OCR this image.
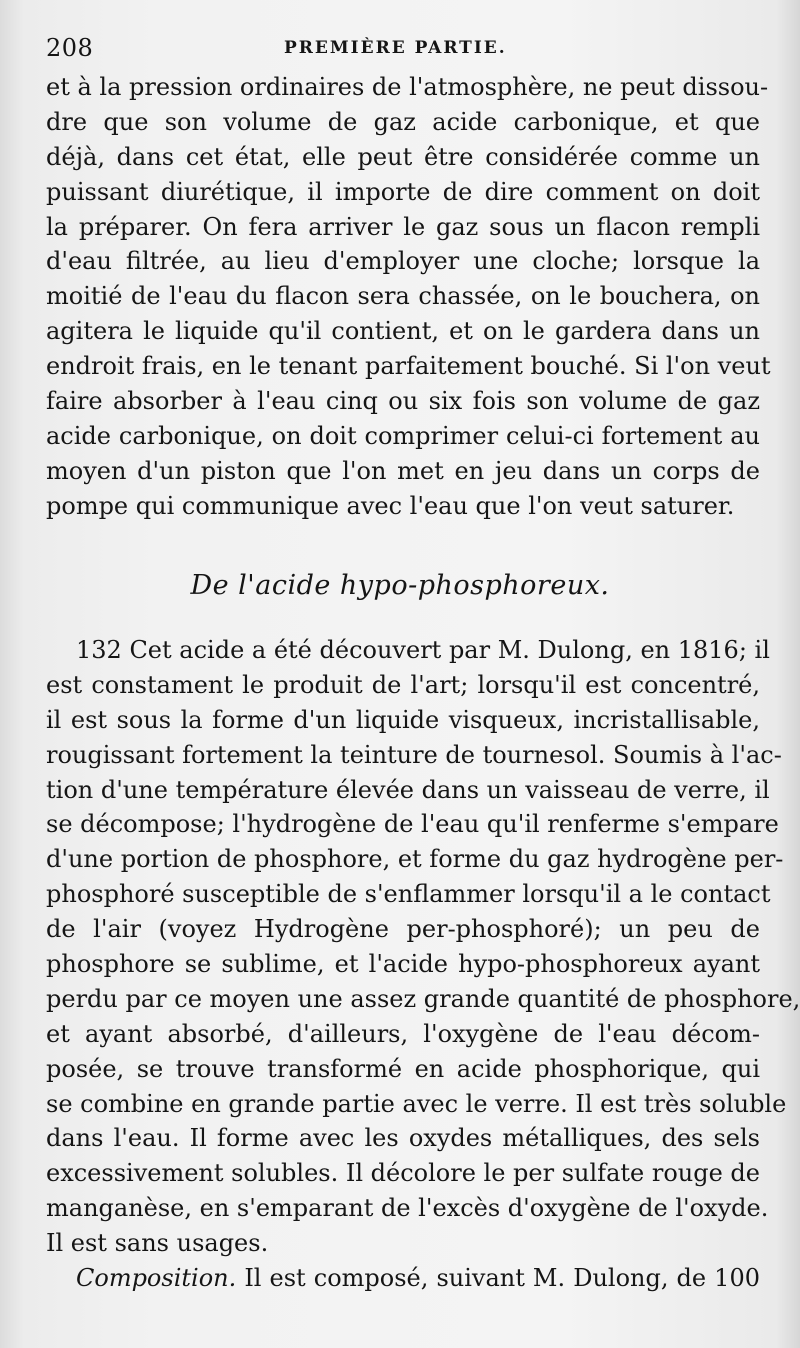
208	PREMIÈRE PARTIE.
et à la pression ordinaires de l'atmosphère, ne peut dissou-
dre que son volume de gaz acide carbonique, et que
déjà, dans cet état, elle peut être considérée comme un
puissant diurétique, il importe de dire comment on doit
la préparer. On fera arriver le gaz sous un flacon rempli
d'eau filtrée, au lieu d'employer une cloche; lorsque la
moitié de l'eau du flacon sera chassée, on le bouchera, on
agitera le liquide qu'il contient, et on le gardera dans un
endroit frais, en le tenant parfaitement bouché. Si l'on veut
faire absorber à l'eau cinq ou six fois son volume de gaz
acide carbonique, on doit comprimer celui-ci fortement au
moyen d'un piston que l'on met en jeu dans un corps de
pompe qui communique avec l'eau que l'on veut saturer.
De l'acide hypo-phosphoreux.
132 Cet acide a été découvert par M. Dulong, en 1816; il
est constament le produit de l'art; lorsqu'il est concentré,
il est sous la forme d'un liquide visqueux, incristallisable,
rougissant fortement la teinture de tournesol. Soumis à l'ac-
tion d'une température élevée dans un vaisseau de verre, il
se décompose; l'hydrogène de l'eau qu'il renferme s'empare
d'une portion de phosphore, et forme du gaz hydrogène per-
phosphoré susceptible de s'enflammer lorsqu'il a le contact
de l'air (voyez Hydrogène per-phosphoré); un peu de
phosphore se sublime, et l'acide hypo-phosphoreux ayant
perdu par ce moyen une assez grande quantité de phosphore,
et ayant absorbé, d'ailleurs, l'oxygène de l'eau décom-
posée, se trouve transformé en acide phosphorique, qui
se combine en grande partie avec le verre. Il est très soluble
dans l'eau. Il forme avec les oxydes métalliques, des sels
excessivement solubles. Il décolore le per sulfate rouge de
manganèse, en s'emparant de l'excès d'oxygène de l'oxyde.
Il est sans usages.
Composition. Il est composé, suivant M. Dulong, de 100
